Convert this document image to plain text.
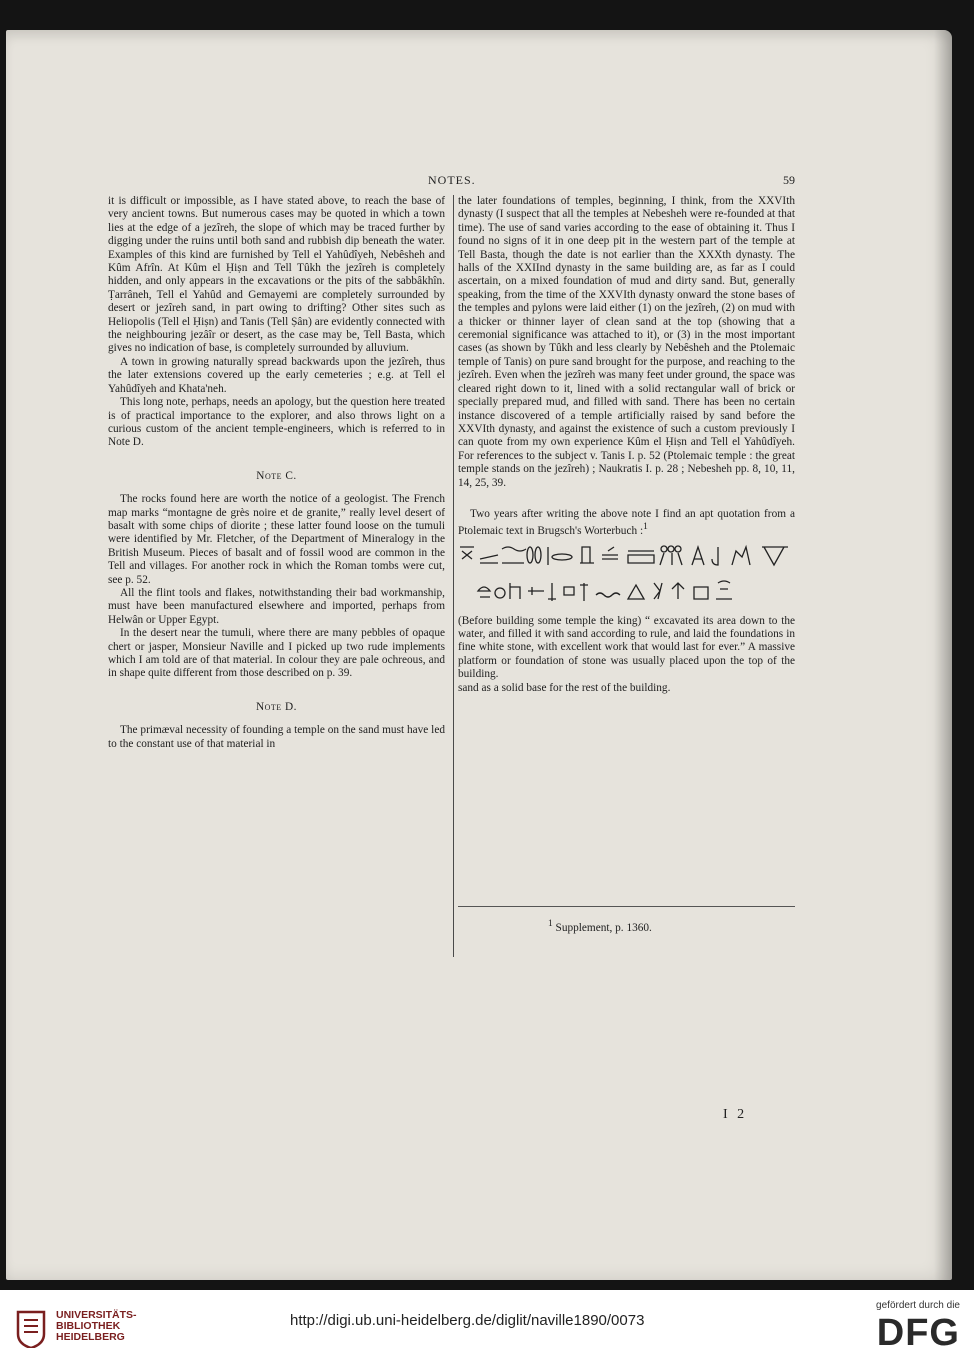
NOTES.	59

it is difficult or impossible, as I have stated above, to reach the base of very ancient towns. But numerous cases may be quoted in which a town lies at the edge of a jezîreh, the slope of which may be traced further by digging under the ruins until both sand and rubbish dip beneath the water. Examples of this kind are furnished by Tell el Yahûdîyeh, Nebêsheh and Kûm Afrîn. At Kûm el Ḥiṣn and Tell Tûkh the jezîreh is completely hidden, and only appears in the excavations or the pits of the sabbâkhîn. Ṭarrâneh, Tell el Yahûd and Gemayemi are completely surrounded by desert or jezîreh sand, in part owing to drifting? Other sites such as Heliopolis (Tell el Ḥiṣn) and Tanis (Tell Ṣân) are evidently connected with the neighbouring jezâîr or desert, as the case may be, Tell Basta, which gives no indication of base, is completely surrounded by alluvium.

A town in growing naturally spread backwards upon the jezîreh, thus the later extensions covered up the early cemeteries ; e.g. at Tell el Yahûdîyeh and Khata'neh.

This long note, perhaps, needs an apology, but the question here treated is of practical importance to the explorer, and also throws light on a curious custom of the ancient temple-engineers, which is referred to in Note D.

Note C.

The rocks found here are worth the notice of a geologist. The French map marks “montagne de grès noire et de granite,” really level desert of basalt with some chips of diorite ; these latter found loose on the tumuli were identified by Mr. Fletcher, of the Department of Mineralogy in the British Museum. Pieces of basalt and of fossil wood are common in the Tell and villages. For another rock in which the Roman tombs were cut, see p. 52.

All the flint tools and flakes, notwithstanding their bad workmanship, must have been manufactured elsewhere and imported, perhaps from Helwân or Upper Egypt.

In the desert near the tumuli, where there are many pebbles of opaque chert or jasper, Monsieur Naville and I picked up two rude implements which I am told are of that material. In colour they are pale ochreous, and in shape quite different from those described on p. 39.

Note D.

The primæval necessity of founding a temple on the sand must have led to the constant use of that material in

the later foundations of temples, beginning, I think, from the XXVIth dynasty (I suspect that all the temples at Nebesheh were re-founded at that time). The use of sand varies according to the ease of obtaining it. Thus I found no signs of it in one deep pit in the western part of the temple at Tell Basta, though the date is not earlier than the XXXth dynasty. The halls of the XXIInd dynasty in the same building are, as far as I could ascertain, on a mixed foundation of mud and dirty sand. But, generally speaking, from the time of the XXVIth dynasty onward the stone bases of the temples and pylons were laid either (1) on the jezîreh, (2) on mud with a thicker or thinner layer of clean sand at the top (showing that a ceremonial significance was attached to it), or (3) in the most important cases (as shown by Tûkh and less clearly by Nebêsheh and the Ptolemaic temple of Tanis) on pure sand brought for the purpose, and reaching to the jezîreh. Even when the jezîreh was many feet under ground, the space was cleared right down to it, lined with a solid rectangular wall of brick or specially prepared mud, and filled with sand. There has been no certain instance discovered of a temple artificially raised by sand before the XXVIth dynasty, and against the existence of such a custom previously I can quote from my own experience Kûm el Ḥiṣn and Tell el Yahûdîyeh. For references to the subject v. Tanis I. p. 52 (Ptolemaic temple : the great temple stands on the jezîreh) ; Naukratis I. p. 28 ; Nebesheh pp. 8, 10, 11, 14, 25, 39.

Two years after writing the above note I find an apt quotation from a Ptolemaic text in Brugsch's Worterbuch :$^1$

(Before building some temple the king) “ excavated its area down to the water, and filled it with sand according to rule, and laid the foundations in fine white stone, with excellent work that would last for ever.” A massive platform or foundation of stone was usually placed upon the top of the building.

sand as a solid base for the rest of the building.

$^1$ Supplement, p. 1360.
I 2
UNIVERSITÄTS-
BIBLIOTHEK
HEIDELBERG
http://digi.ub.uni-heidelberg.de/diglit/naville1890/0073
gefördert durch die
DFG
